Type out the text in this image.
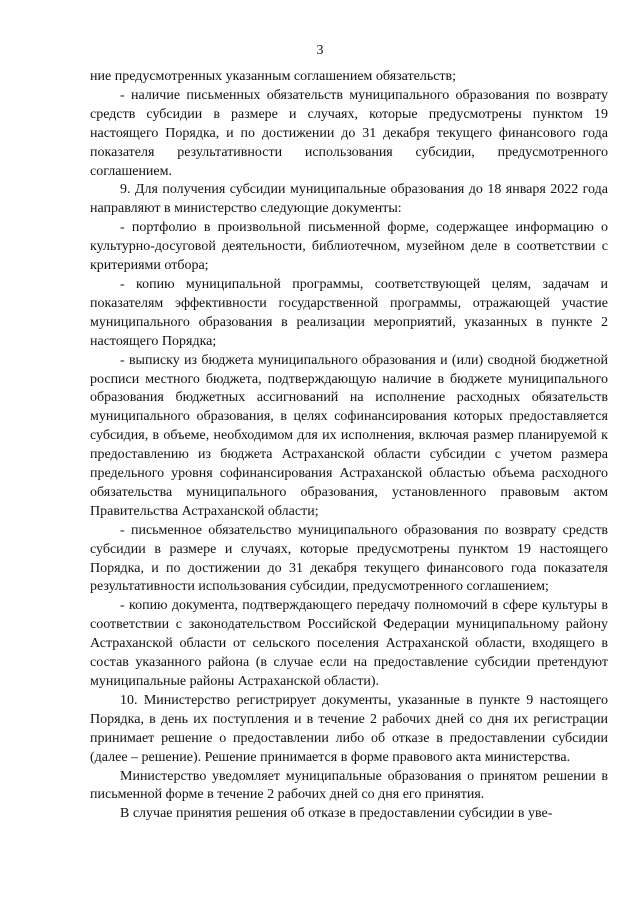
3

ние предусмотренных указанным соглашением обязательств;

- наличие письменных обязательств муниципального образования по возврату средств субсидии в размере и случаях, которые предусмотрены пунктом 19 настоящего Порядка, и по достижении до 31 декабря текущего финансового года показателя результативности использования субсидии, предусмотренного соглашением.

9. Для получения субсидии муниципальные образования до 18 января 2022 года направляют в министерство следующие документы:

- портфолио в произвольной письменной форме, содержащее информацию о культурно-досуговой деятельности, библиотечном, музейном деле в соответствии с критериями отбора;

- копию муниципальной программы, соответствующей целям, задачам и показателям эффективности государственной программы, отражающей участие муниципального образования в реализации мероприятий, указанных в пункте 2 настоящего Порядка;

- выписку из бюджета муниципального образования и (или) сводной бюджетной росписи местного бюджета, подтверждающую наличие в бюджете муниципального образования бюджетных ассигнований на исполнение расходных обязательств муниципального образования, в целях софинансирования которых предоставляется субсидия, в объеме, необходимом для их исполнения, включая размер планируемой к предоставлению из бюджета Астраханской области субсидии с учетом размера предельного уровня софинансирования Астраханской областью объема расходного обязательства муниципального образования, установленного правовым актом Правительства Астраханской области;

- письменное обязательство муниципального образования по возврату средств субсидии в размере и случаях, которые предусмотрены пунктом 19 настоящего Порядка, и по достижении до 31 декабря текущего финансового года показателя результативности использования субсидии, предусмотренного соглашением;

- копию документа, подтверждающего передачу полномочий в сфере культуры в соответствии с законодательством Российской Федерации муниципальному району Астраханской области от сельского поселения Астраханской области, входящего в состав указанного района (в случае если на предоставление субсидии претендуют муниципальные районы Астраханской области).

10. Министерство регистрирует документы, указанные в пункте 9 настоящего Порядка, в день их поступления и в течение 2 рабочих дней со дня их регистрации принимает решение о предоставлении либо об отказе в предоставлении субсидии (далее – решение). Решение принимается в форме правового акта министерства.

Министерство уведомляет муниципальные образования о принятом решении в письменной форме в течение 2 рабочих дней со дня его принятия.

В случае принятия решения об отказе в предоставлении субсидии в уве-
